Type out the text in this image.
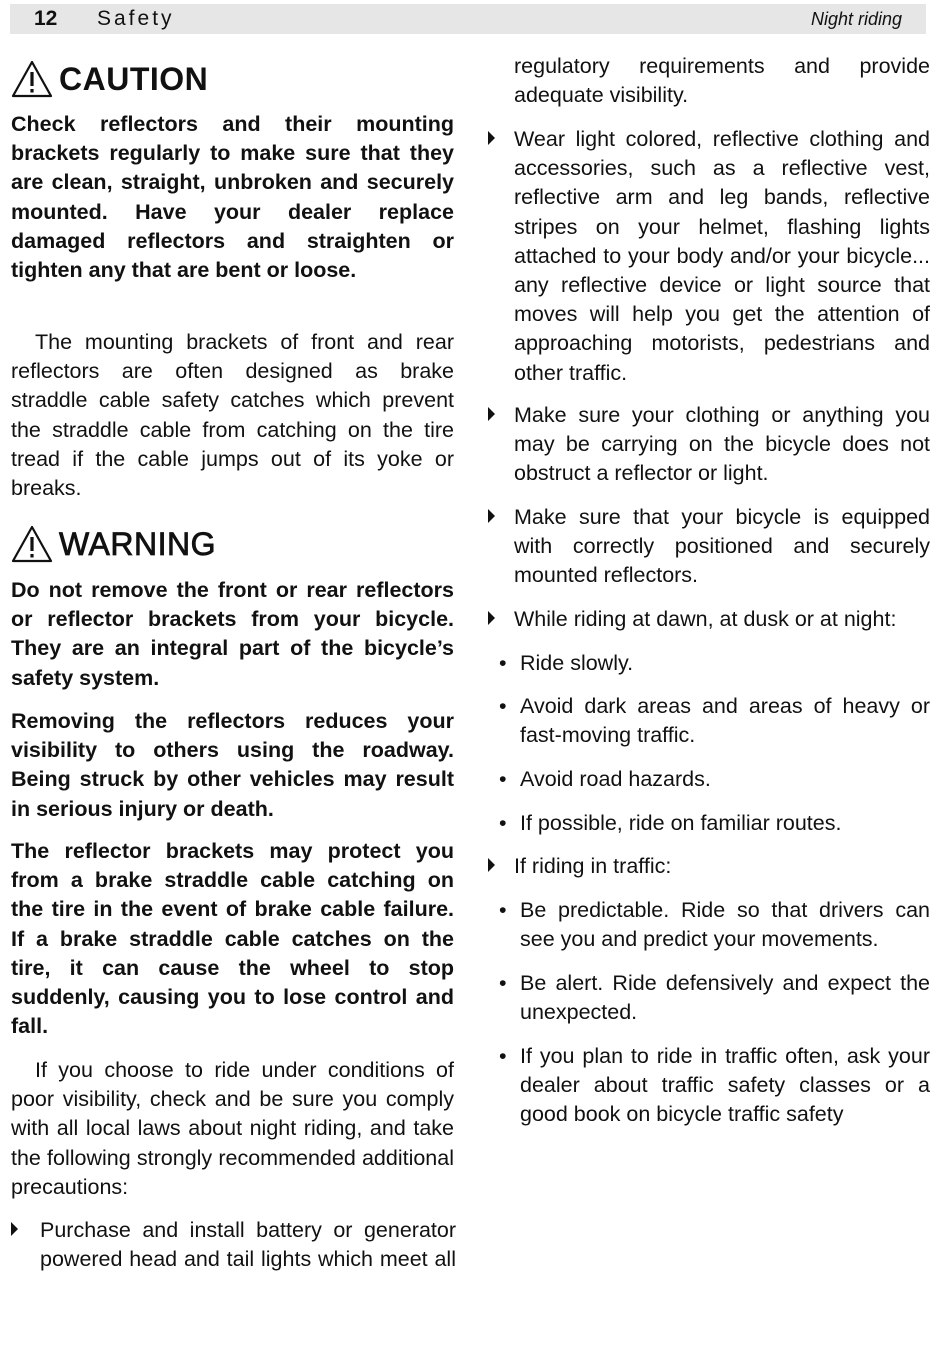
12 Safety	Night riding
CAUTION

Check reflectors and their mounting brackets regularly to make sure that they are clean, straight, unbroken and securely mounted. Have your dealer replace damaged reflectors and straighten or tighten any that are bent or loose.

The mounting brackets of front and rear reflectors are often designed as brake straddle cable safety catches which prevent the straddle cable from catching on the tire tread if the cable jumps out of its yoke or breaks.

WARNING

Do not remove the front or rear reflectors or reflector brackets from your bicycle. They are an integral part of the bicycle’s safety system.

Removing the reflectors reduces your visibility to others using the roadway. Being struck by other vehicles may result in serious injury or death.

The reflector brackets may protect you from a brake straddle cable catching on the tire in the event of brake cable failure. If a brake straddle cable catches on the tire, it can cause the wheel to stop suddenly, causing you to lose control and fall.

If you choose to ride under conditions of poor visibility, check and be sure you comply with all local laws about night riding, and take the following strongly recommended additional precautions:

Purchase and install battery or generator powered head and tail lights which meet all
regulatory requirements and provide adequate visibility.
Wear light colored, reflective clothing and accessories, such as a reflective vest, reflective arm and leg bands, reflective stripes on your helmet, flashing lights attached to your body and/or your bicycle... any reflective device or light source that moves will help you get the attention of approaching motorists, pedestrians and other traffic.
Make sure your clothing or anything you may be carrying on the bicycle does not obstruct a reflector or light.
Make sure that your bicycle is equipped with correctly positioned and securely mounted reflectors.
While riding at dawn, at dusk or at night:
• Ride slowly.
• Avoid dark areas and areas of heavy or fast-moving traffic.
• Avoid road hazards.
• If possible, ride on familiar routes.
If riding in traffic:
• Be predictable. Ride so that drivers can see you and predict your movements.
• Be alert. Ride defensively and expect the unexpected.
• If you plan to ride in traffic often, ask your dealer about traffic safety classes or a good book on bicycle traffic safety
